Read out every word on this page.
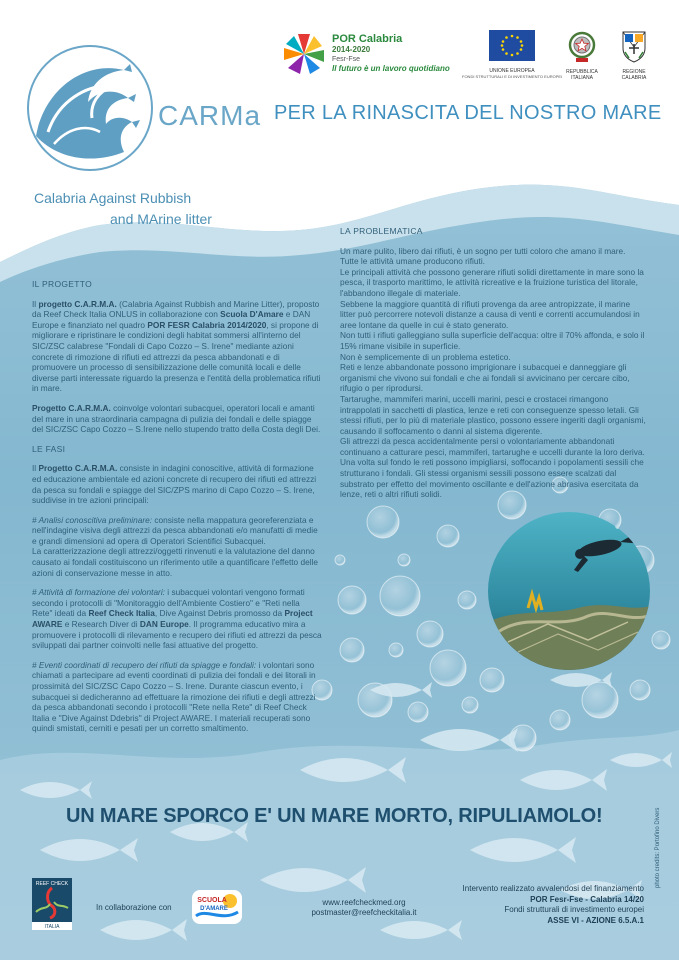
CARMa
Calabria Against Rubbish
and MArine litter
POR Calabria
2014-2020
Fesr-Fse
Il futuro è un lavoro quotidiano	UNIONE EUROPEA
FONDI STRUTTURALI E DI INVESTIMENTO EUROPEI
REPUBBLICA
ITALIANA
REGIONE
CALABRIA
PER LA RINASCITA DEL NOSTRO MARE
IL PROGETTO

Il progetto C.A.R.M.A. (Calabria Against Rubbish and Marine Litter), proposto da Reef Check Italia ONLUS in collaborazione con Scuola D'Amare e DAN Europe e finanziato nel quadro POR FESR Calabria 2014/2020, si propone di migliorare e ripristinare le condizioni degli habitat sommersi all'interno del SIC/ZSC calabrese "Fondali di Capo Cozzo – S. Irene" mediante azioni concrete di rimozione di rifiuti ed attrezzi da pesca abbandonati e di promuovere un processo di sensibilizzazione delle comunità locali e delle diverse parti interessate riguardo la presenza e l'entità della problematica rifiuti in mare.

Progetto C.A.R.M.A. coinvolge volontari subacquei, operatori locali e amanti del mare in una straordinaria campagna di pulizia dei fondali e delle spiagge del SIC/ZSC Capo Cozzo – S.Irene nello stupendo tratto della Costa degli Dei.

LE FASI

Il Progetto C.A.R.M.A. consiste in indagini conoscitive, attività di formazione ed educazione ambientale ed azioni concrete di recupero dei rifiuti ed attrezzi da pesca su fondali e spiagge del SIC/ZPS marino di Capo Cozzo – S. Irene, suddivise in tre azioni principali:

# Analisi conoscitiva preliminare: consiste nella mappatura georeferenziata e nell'indagine visiva degli attrezzi da pesca abbandonati e/o manufatti di medie e grandi dimensioni ad opera di Operatori Scientifici Subacquei.
La caratterizzazione degli attrezzi/oggetti rinvenuti e la valutazione del danno causato ai fondali costituiscono un riferimento utile a quantificare l'effetto delle azioni di conservazione messe in atto.

# Attività di formazione dei volontari: i subacquei volontari vengono formati secondo i protocolli di "Monitoraggio dell'Ambiente Costiero" e "Reti nella Rete" ideati da Reef Check Italia, Dive Against Debris promosso da Project AWARE e Research Diver di DAN Europe. Il programma educativo mira a promuovere i protocolli di rilevamento e recupero dei rifiuti ed attrezzi da pesca sviluppati dai partner coinvolti nelle fasi attuative del progetto.

# Eventi coordinati di recupero dei rifiuti da spiagge e fondali: i volontari sono chiamati a partecipare ad eventi coordinati di pulizia dei fondali e dei litorali in prossimità del SIC/ZSC Capo Cozzo – S. Irene. Durante ciascun evento, i subacquei si dedicheranno ad effettuare la rimozione dei rifiuti e degli attrezzi da pesca abbandonati secondo i protocolli "Rete nella Rete" di Reef Check Italia e "Dive Against Ddebris" di Project AWARE. I materiali recuperati sono quindi smistati, cerniti e pesati per un corretto smaltimento.

LA PROBLEMATICA

Un mare pulito, libero dai rifiuti, è un sogno per tutti coloro che amano il mare.

Tutte le attività umane producono rifiuti.

Le principali attività che possono generare rifiuti solidi direttamente in mare sono la pesca, il trasporto marittimo, le attività ricreative e la fruizione turistica del litorale, l'abbandono illegale di materiale.

Sebbene la maggiore quantità di rifiuti provenga da aree antropizzate, il marine litter può percorrere notevoli distanze a causa di venti e correnti accumulandosi in aree lontane da quelle in cui è stato generato.

Non tutti i rifiuti galleggiano sulla superficie dell'acqua: oltre il 70% affonda, e solo il 15% rimane visibile in superficie.

Non è semplicemente di un problema estetico.

Reti e lenze abbandonate possono imprigionare i subacquei e danneggiare gli organismi che vivono sui fondali e che ai fondali si avvicinano per cercare cibo, rifugio o per riprodursi.

Tartarughe, mammiferi marini, uccelli marini, pesci e crostacei rimangono intrappolati in sacchetti di plastica, lenze e reti con conseguenze spesso letali. Gli stessi rifiuti, per lo più di materiale plastico, possono essere ingeriti dagli organismi, causando il soffocamento o danni al sistema digerente.

Gli attrezzi da pesca accidentalmente persi o volontariamente abbandonati continuano a catturare pesci, mammiferi, tartarughe e uccelli durante la loro deriva. Una volta sul fondo le reti possono impigliarsi, soffocando i popolamenti sessili che strutturano i fondali. Gli stessi organismi sessili possono essere scalzati dal substrato per effetto del movimento oscillante e dell'azione abrasiva esercitata da lenze, reti o altri rifiuti solidi.

UN MARE SPORCO E' UN MARE MORTO, RIPULIAMOLO!	photo credits: Portofino Divers
REEF CHECK
ITALIA
In collaborazione con
SCUOLA
D'AMARE
www.reefcheckmed.org
postmaster@reefcheckitalia.it
Intervento realizzato avvalendosi del finanziamento
POR Fesr-Fse - Calabria 14/20
Fondi strutturali di investimento europei
ASSE VI - AZIONE 6.5.A.1
